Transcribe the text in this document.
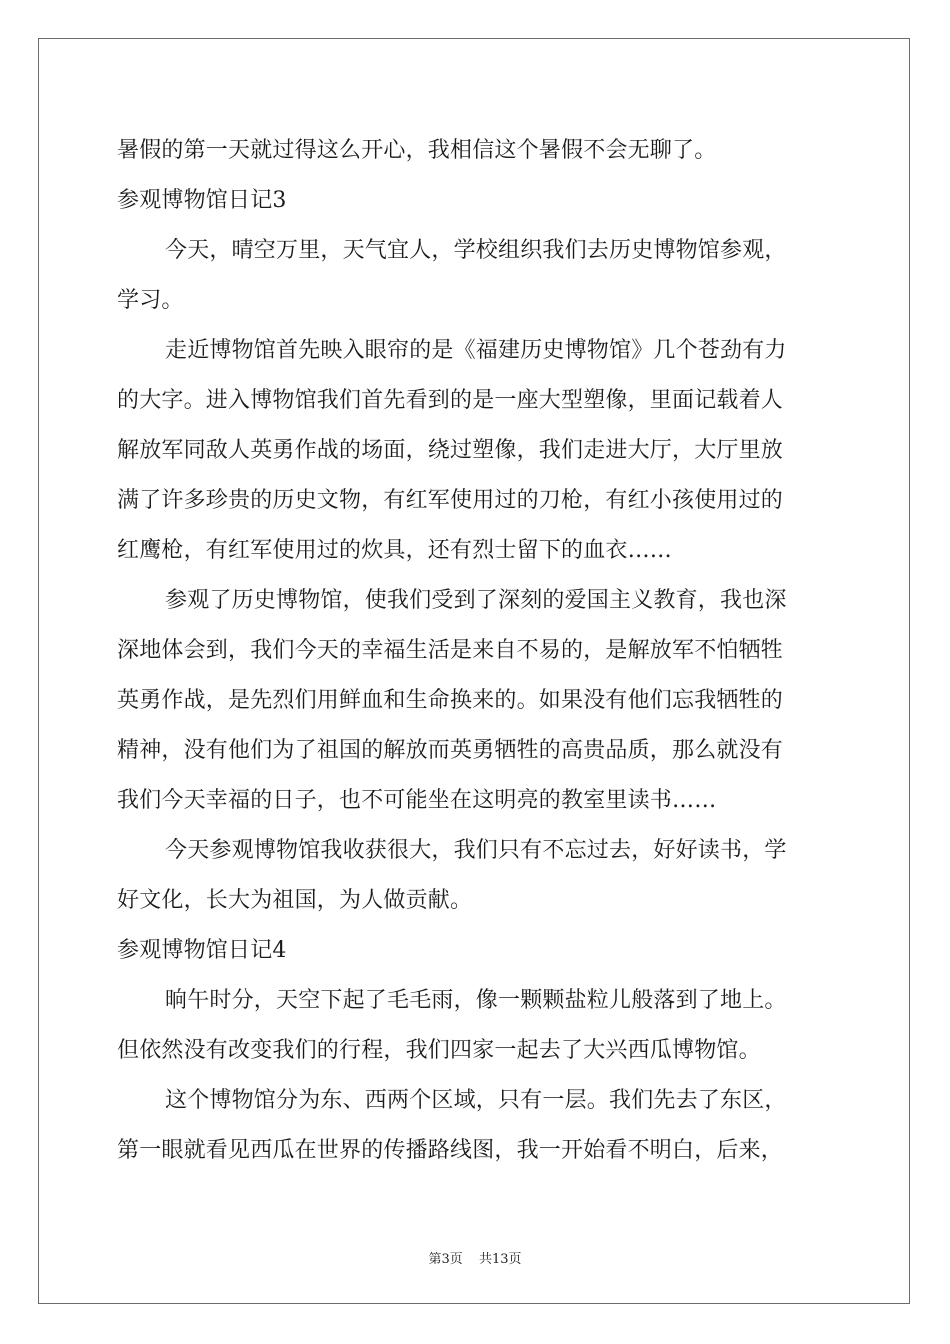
暑假的第一天就过得这么开心，我相信这个暑假不会无聊了。
参观博物馆日记3
今天，晴空万里，天气宜人，学校组织我们去历史博物馆参观，
学习。
走近博物馆首先映入眼帘的是《福建历史博物馆》几个苍劲有力
的大字。进入博物馆我们首先看到的是一座大型塑像，里面记载着人
解放军同敌人英勇作战的场面，绕过塑像，我们走进大厅，大厅里放
满了许多珍贵的历史文物，有红军使用过的刀枪，有红小孩使用过的
红鹰枪，有红军使用过的炊具，还有烈士留下的血衣……
参观了历史博物馆，使我们受到了深刻的爱国主义教育，我也深
深地体会到，我们今天的幸福生活是来自不易的，是解放军不怕牺牲
英勇作战，是先烈们用鲜血和生命换来的。如果没有他们忘我牺牲的
精神，没有他们为了祖国的解放而英勇牺牲的高贵品质，那么就没有
我们今天幸福的日子，也不可能坐在这明亮的教室里读书……
今天参观博物馆我收获很大，我们只有不忘过去，好好读书，学
好文化，长大为祖国，为人做贡献。
参观博物馆日记4
晌午时分，天空下起了毛毛雨，像一颗颗盐粒儿般落到了地上。
但依然没有改变我们的行程，我们四家一起去了大兴西瓜博物馆。
这个博物馆分为东、西两个区域，只有一层。我们先去了东区，
第一眼就看见西瓜在世界的传播路线图，我一开始看不明白，后来，
第3页 共13页
